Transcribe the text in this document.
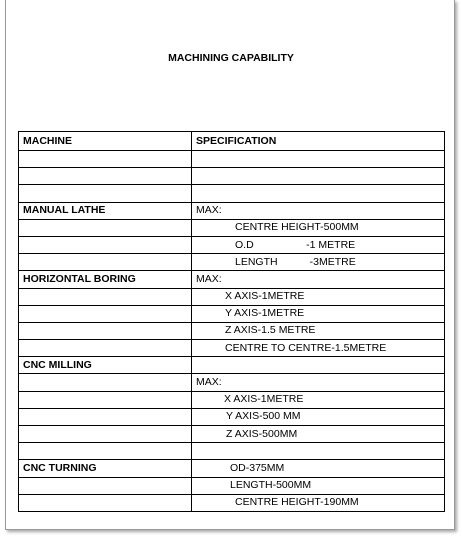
MACHINING CAPABILITY
MACHINE	SPECIFICATION

MANUAL LATHE	MAX:
	CENTRE HEIGHT-500MM
	O.D                  -1 METRE
	LENGTH           -3METRE
HORIZONTAL BORING	MAX:
	X AXIS-1METRE
	Y AXIS-1METRE
	Z AXIS-1.5 METRE
	CENTRE TO CENTRE-1.5METRE
CNC MILLING	
	MAX:
	X AXIS-1METRE
	Y AXIS-500 MM
	Z AXIS-500MM

CNC TURNING	OD-375MM
	LENGTH-500MM
	CENTRE HEIGHT-190MM
